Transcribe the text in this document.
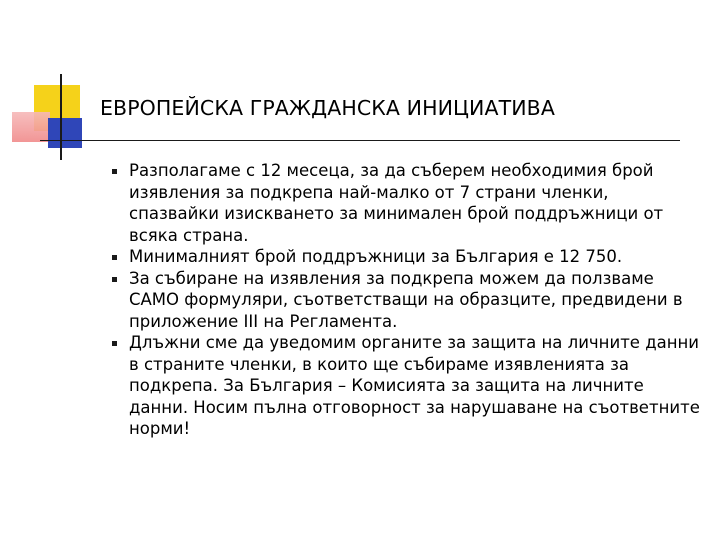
ЕВРОПЕЙСКА ГРАЖДАНСКА ИНИЦИАТИВА
Разполагаме с 12 месеца, за да съберем необходимия брой изявления за подкрепа най-малко от 7 страни членки, спазвайки изискването за минимален брой поддръжници от всяка страна.
Минималният брой поддръжници за България е 12 750.
За събиране на изявления за подкрепа можем да ползваме САМО формуляри, съответстващи на образците, предвидени в приложение III на Регламента.
Длъжни сме да уведомим органите за защита на личните данни в страните членки, в които ще събираме изявленията за подкрепа. За България – Комисията за защита на личните данни. Носим пълна отговорност за нарушаване на съответните норми!
